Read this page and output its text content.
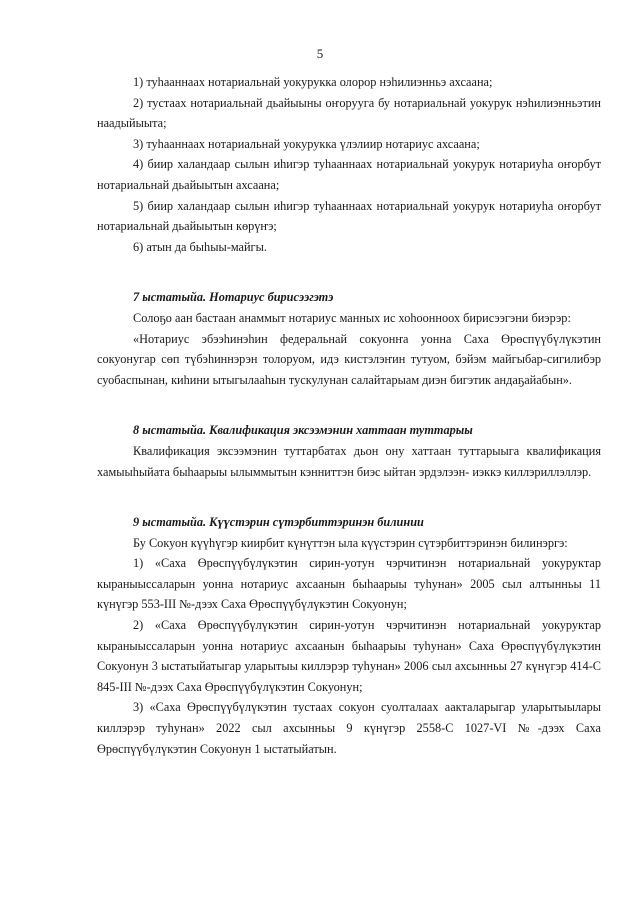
5

1) туһааннаах нотариальнай уокурукка олорор нэһилиэнньэ ахсаана;

2) тустаах нотариальнай дьайыыны оҥоруугa бу нотариальнай уокурук нэһилиэнньэтин наадыйыыта;

3) туһааннаах нотариальнай уокурукка үлэлиир нотариус ахсаана;

4) биир халандаар сылын иһигэр туһааннаах нотариальнай уокурук нотариуһа оҥорбут нотариальнай дьайыытын ахсаана;

5) биир халандаар сылын иһигэр туһааннаах нотариальнай уокурук нотариуһа оҥорбут нотариальнай дьайыытын көрүҥэ;

6) атын да быһыы-майгы.

7 ыстатыйа. Нотариус бирисээгэтэ

Солоҕо аан бастаан анаммыт нотариус манных ис хоһоонноох бирисээгэни биэрэр:

«Нотариус эбээһинэһин федеральнай сокуонҥа уонна Саха Өрөспүүбүлүкэтин сокуонугар сөп түбэһиннэрэн толоруом, идэ кистэлэҥин тутуом, бэйэм майгыбар-сигилибэр суобаспынан, киһини ытыгылааһын тускулунан салайтарыам диэн бигэтик андаҕайабын».

8 ыстатыйа. Квалификация эксээмэнин хаттаан туттарыы

Квалификация эксээмэнин туттарбатах дьон ону хаттаан туттарыыга квалификация хамыыһыйата быһаарыы ылыммытын кэнниттэн биэс ыйтан эрдэлээн- иэккэ киллэриллэллэр.

9 ыстатыйа. Күүстэрин сүтэрбиттэринэн билинии

Бу Сокуон күүһүгэр киирбит күнүттэн ыла күүстэрин сүтэрбиттэринэн билинэргэ:

1) «Саха Өрөспүүбүлүкэтин сирин-уотун чэрчитинэн нотариальнай уокуруктар кыраныыссаларын уонна нотариус ахсаанын быһаарыы туһунан» 2005 сыл алтынньы 11 күнүгэр 553-III №-дээх Саха Өрөспүүбүлүкэтин Сокуонун;

2) «Саха Өрөспүүбүлүкэтин сирин-уотун чэрчитинэн нотариальнай уокуруктар кыраныыссаларын уонна нотариус ахсаанын быһаарыы туһунан» Саха Өрөспүүбүлүкэтин Сокуонун 3 ыстатыйатыгар уларытыы киллэрэр туһунан» 2006 сыл ахсынньы 27 күнүгэр 414-С 845-III №-дээх Саха Өрөспүүбүлүкэтин Сокуонун;

3) «Саха Өрөспүүбүлүкэтин тустаах сокуон суолталаах аакталарыгар уларытыылары киллэрэр туһунан» 2022 сыл ахсынньы 9 күнүгэр 2558-С 1027-VI №-дээх Саха Өрөспүүбүлүкэтин Сокуонун 1 ыстатыйатын.
